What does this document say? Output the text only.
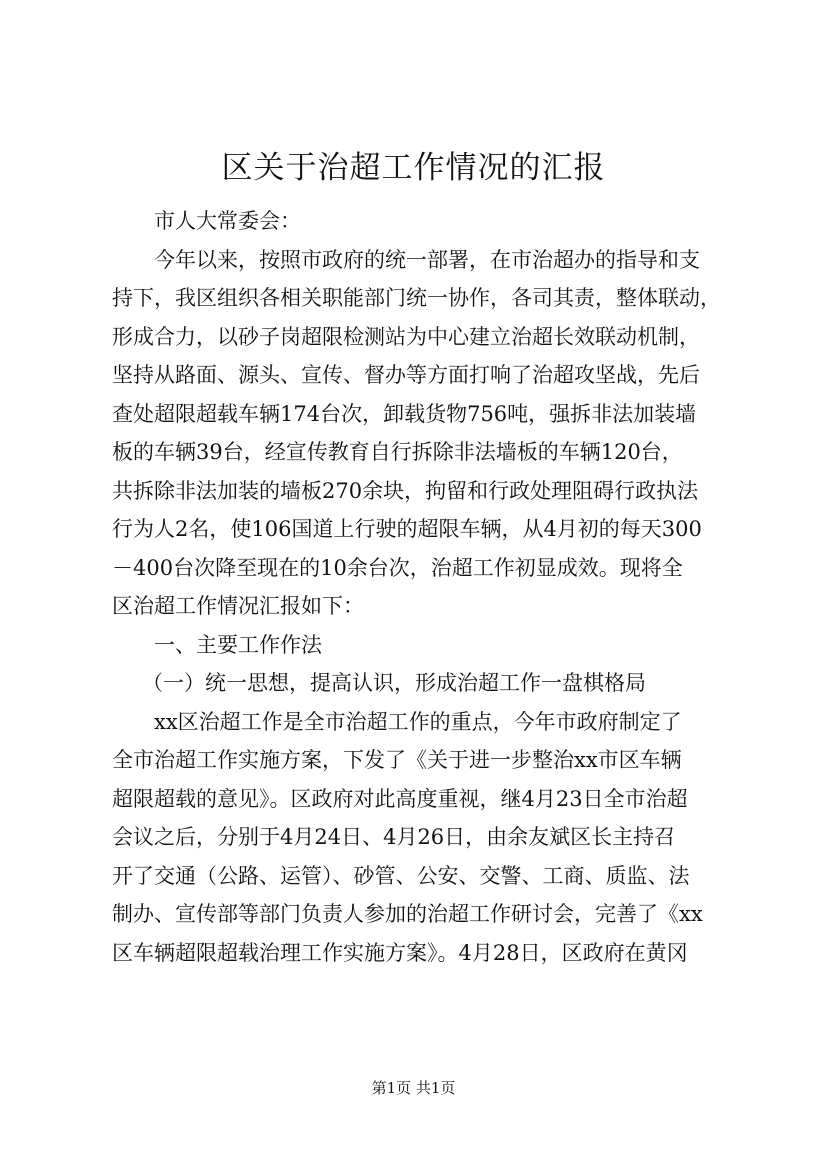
区关于治超工作情况的汇报
市人大常委会：
今年以来，按照市政府的统一部署，在市治超办的指导和支
持下，我区组织各相关职能部门统一协作，各司其责，整体联动，
形成合力，以砂子岗超限检测站为中心建立治超长效联动机制，
坚持从路面、源头、宣传、督办等方面打响了治超攻坚战，先后
查处超限超载车辆174台次，卸载货物756吨，强拆非法加装墙
板的车辆39台，经宣传教育自行拆除非法墙板的车辆120台，
共拆除非法加装的墙板270余块，拘留和行政处理阻碍行政执法
行为人2名，使106国道上行驶的超限车辆，从4月初的每天300
－400台次降至现在的10余台次，治超工作初显成效。现将全
区治超工作情况汇报如下：
一、主要工作作法
（一）统一思想，提高认识，形成治超工作一盘棋格局
xx区治超工作是全市治超工作的重点，今年市政府制定了
全市治超工作实施方案，下发了《关于进一步整治xx市区车辆
超限超载的意见》。区政府对此高度重视，继4月23日全市治超
会议之后，分别于4月24日、4月26日，由余友斌区长主持召
开了交通（公路、运管）、砂管、公安、交警、工商、质监、法
制办、宣传部等部门负责人参加的治超工作研讨会，完善了《xx
区车辆超限超载治理工作实施方案》。4月28日，区政府在黄冈
第1页 共1页
